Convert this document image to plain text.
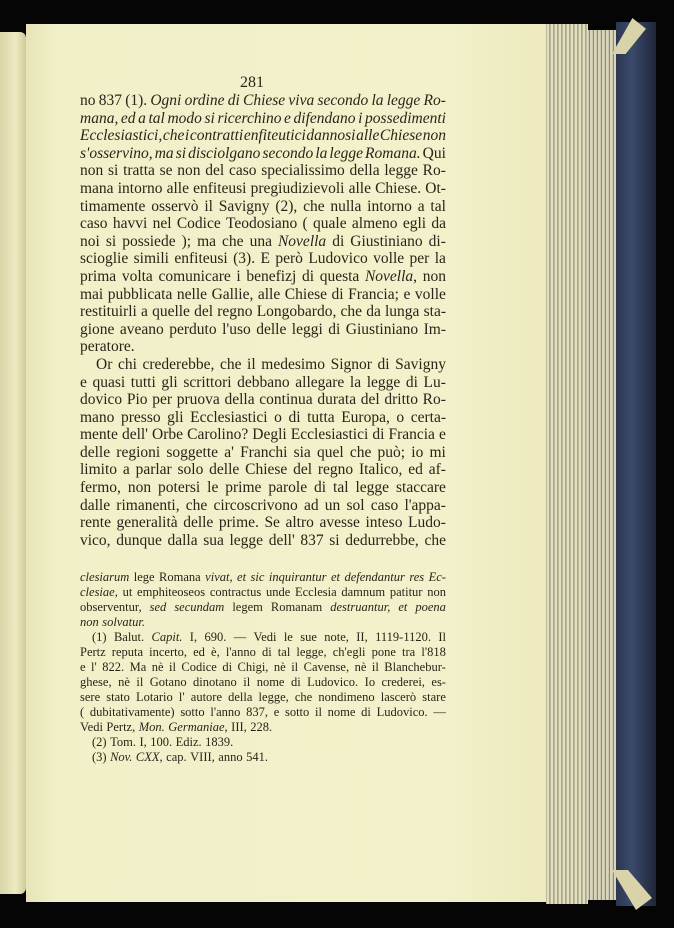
281
no 837 (1). Ogni ordine di Chiese viva secondo la legge Ro-
mana, ed a tal modo si ricerchino e difendano i possedimenti
Ecclesiastici, che i contratti enfiteutici dannosi alle Chiese non
s'osservino, ma si disciolgano secondo la legge Romana. Qui
non si tratta se non del caso specialissimo della legge Ro-
mana intorno alle enfiteusi pregiudizievoli alle Chiese. Ot-
timamente osservò il Savigny (2), che nulla intorno a tal
caso havvi nel Codice Teodosiano ( quale almeno egli da
noi si possiede ); ma che una Novella di Giustiniano di-
scioglie simili enfiteusi (3). E però Ludovico volle per la
prima volta comunicare i benefizj di questa Novella, non
mai pubblicata nelle Gallie, alle Chiese di Francia; e volle
restituirli a quelle del regno Longobardo, che da lunga sta-
gione aveano perduto l'uso delle leggi di Giustiniano Im-
peratore.
Or chi crederebbe, che il medesimo Signor di Savigny
e quasi tutti gli scrittori debbano allegare la legge di Lu-
dovico Pio per pruova della continua durata del dritto Ro-
mano presso gli Ecclesiastici o di tutta Europa, o certa-
mente dell' Orbe Carolino? Degli Ecclesiastici di Francia e
delle regioni soggette a' Franchi sia quel che può; io mi
limito a parlar solo delle Chiese del regno Italico, ed af-
fermo, non potersi le prime parole di tal legge staccare
dalle rimanenti, che circoscrivono ad un sol caso l'appa-
rente generalità delle prime. Se altro avesse inteso Ludo-
vico, dunque dalla sua legge dell' 837 si dedurrebbe, che
clesiarum lege Romana vivat, et sic inquirantur et defendantur res Ec-
clesiae, ut emphiteoseos contractus unde Ecclesia damnum patitur non
observentur, sed secundam legem Romanam destruantur, et poena
non solvatur.
(1) Balut. Capit. I, 690. — Vedi le sue note, II, 1119-1120. Il
Pertz reputa incerto, ed è, l'anno di tal legge, ch'egli pone tra l'818
e l' 822. Ma nè il Codice di Chigi, nè il Cavense, nè il Blanchebur-
ghese, nè il Gotano dinotano il nome di Ludovico. Io crederei, es-
sere stato Lotario l' autore della legge, che nondimeno lascerò stare
( dubitativamente) sotto l'anno 837, e sotto il nome di Ludovico. —
Vedi Pertz, Mon. Germaniae, III, 228.
(2) Tom. I, 100. Ediz. 1839.
(3) Nov. CXX, cap. VIII, anno 541.
